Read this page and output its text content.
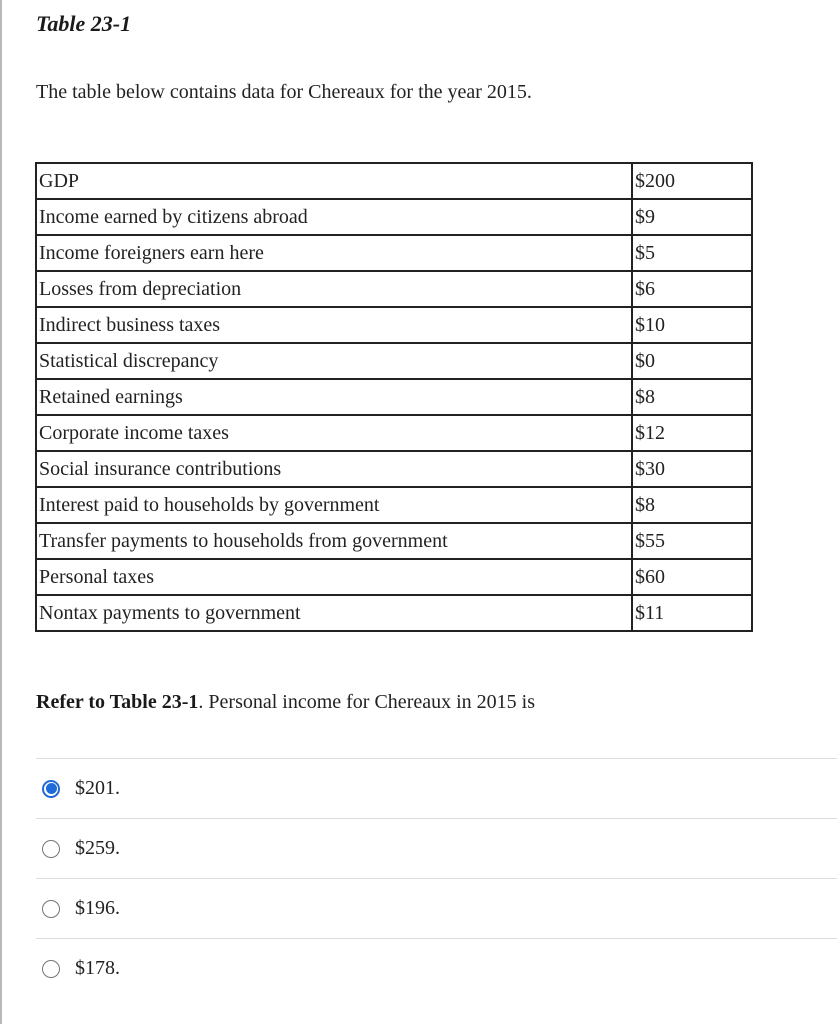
Table 23-1
The table below contains data for Chereaux for the year 2015.
GDP	$200
Income earned by citizens abroad	$9
Income foreigners earn here	$5
Losses from depreciation	$6
Indirect business taxes	$10
Statistical discrepancy	$0
Retained earnings	$8
Corporate income taxes	$12
Social insurance contributions	$30
Interest paid to households by government	$8
Transfer payments to households from government	$55
Personal taxes	$60
Nontax payments to government	$11
Refer to Table 23-1. Personal income for Chereaux in 2015 is
$201.
$259.
$196.
$178.
